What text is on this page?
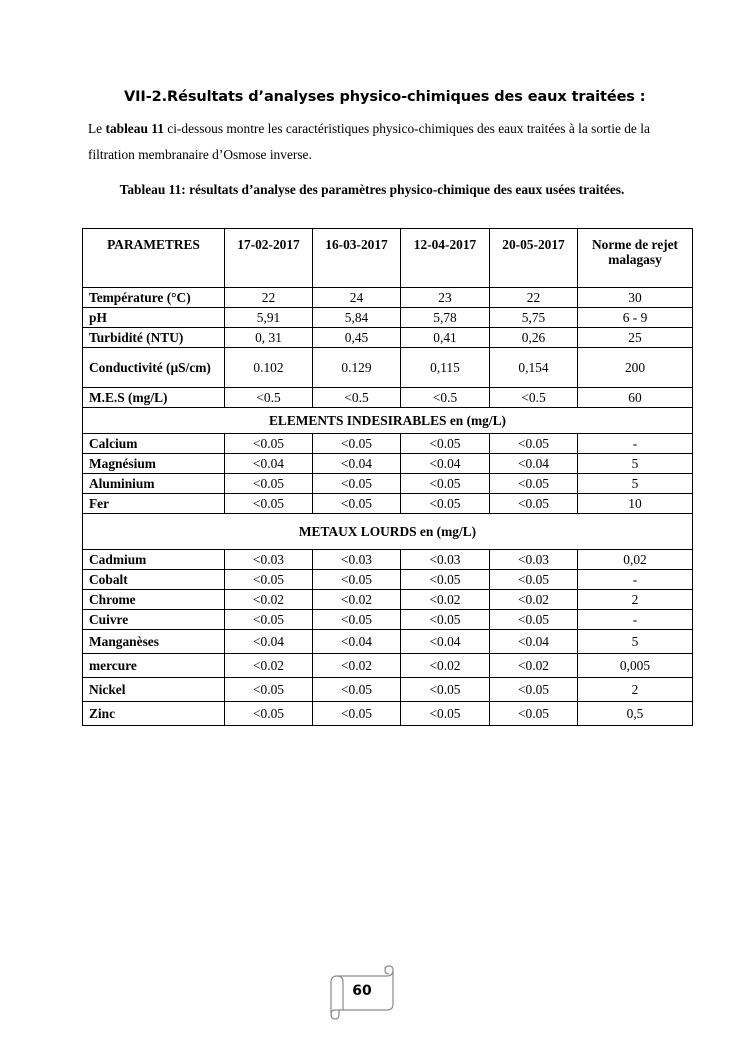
VII-2.Résultats d’analyses physico-chimiques des eaux traitées :
Le tableau 11 ci-dessous montre les caractéristiques physico-chimiques des eaux traitées à la sortie de la filtration membranaire d’Osmose inverse.
Tableau 11: résultats d’analyse des paramètres physico-chimique des eaux usées traitées.
PARAMETRES	17-02-2017	16-03-2017	12-04-2017	20-05-2017	Norme de rejet malagasy
Température (°C)	22	24	23	22	30
pH	5,91	5,84	5,78	5,75	6 - 9
Turbidité (NTU)	0, 31	0,45	0,41	0,26	25
Conductivité (µS/cm)	0.102	0.129	0,115	0,154	200
M.E.S (mg/L)	<0.5	<0.5	<0.5	<0.5	60
ELEMENTS INDESIRABLES en (mg/L)					
Calcium	<0.05	<0.05	<0.05	<0.05	-
Magnésium	<0.04	<0.04	<0.04	<0.04	5
Aluminium	<0.05	<0.05	<0.05	<0.05	5
Fer	<0.05	<0.05	<0.05	<0.05	10
METAUX LOURDS en (mg/L)					
Cadmium	<0.03	<0.03	<0.03	<0.03	0,02
Cobalt	<0.05	<0.05	<0.05	<0.05	-
Chrome	<0.02	<0.02	<0.02	<0.02	2
Cuivre	<0.05	<0.05	<0.05	<0.05	-
Manganèses	<0.04	<0.04	<0.04	<0.04	5
mercure	<0.02	<0.02	<0.02	<0.02	0,005
Nickel	<0.05	<0.05	<0.05	<0.05	2
Zinc	<0.05	<0.05	<0.05	<0.05	0,5
60
